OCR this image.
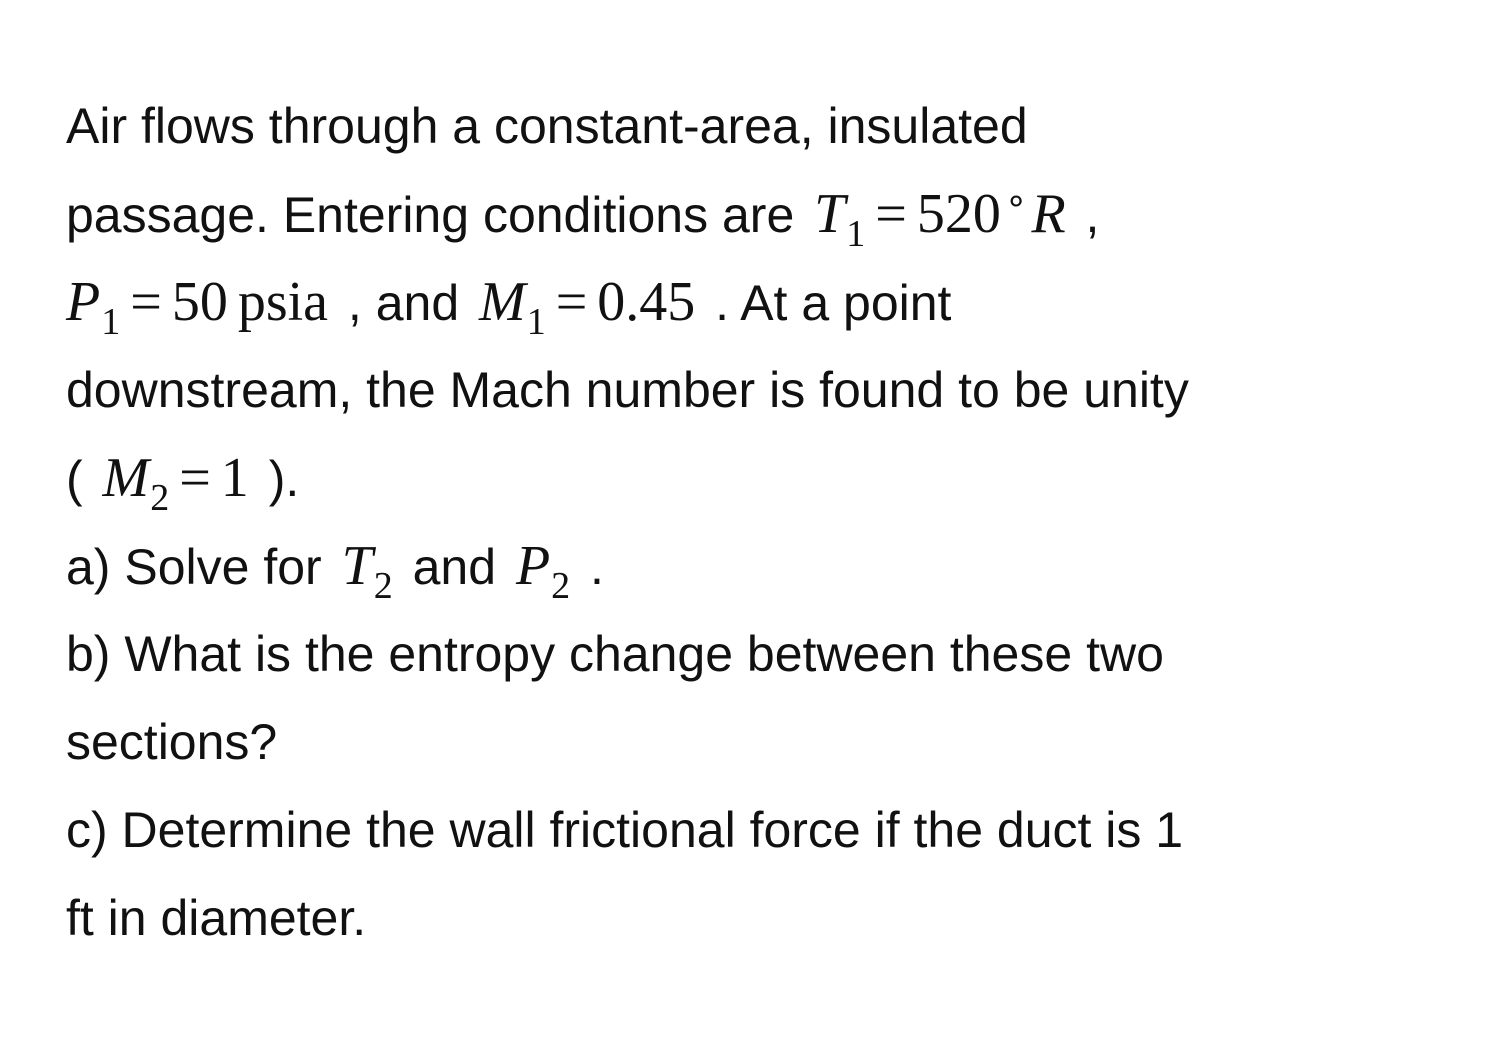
Air flows through a constant-area, insulated
passage. Entering conditions are $T_1 = 520$ ∘R ,
$P_1 = 50$ psia , and $M_1 = 0.45$ . At a point
downstream, the Mach number is found to be unity
( $M_2 = 1$ ).
a) Solve for $T_2$ and $P_2$ .
b) What is the entropy change between these two
sections?
c) Determine the wall frictional force if the duct is 1
ft in diameter.
